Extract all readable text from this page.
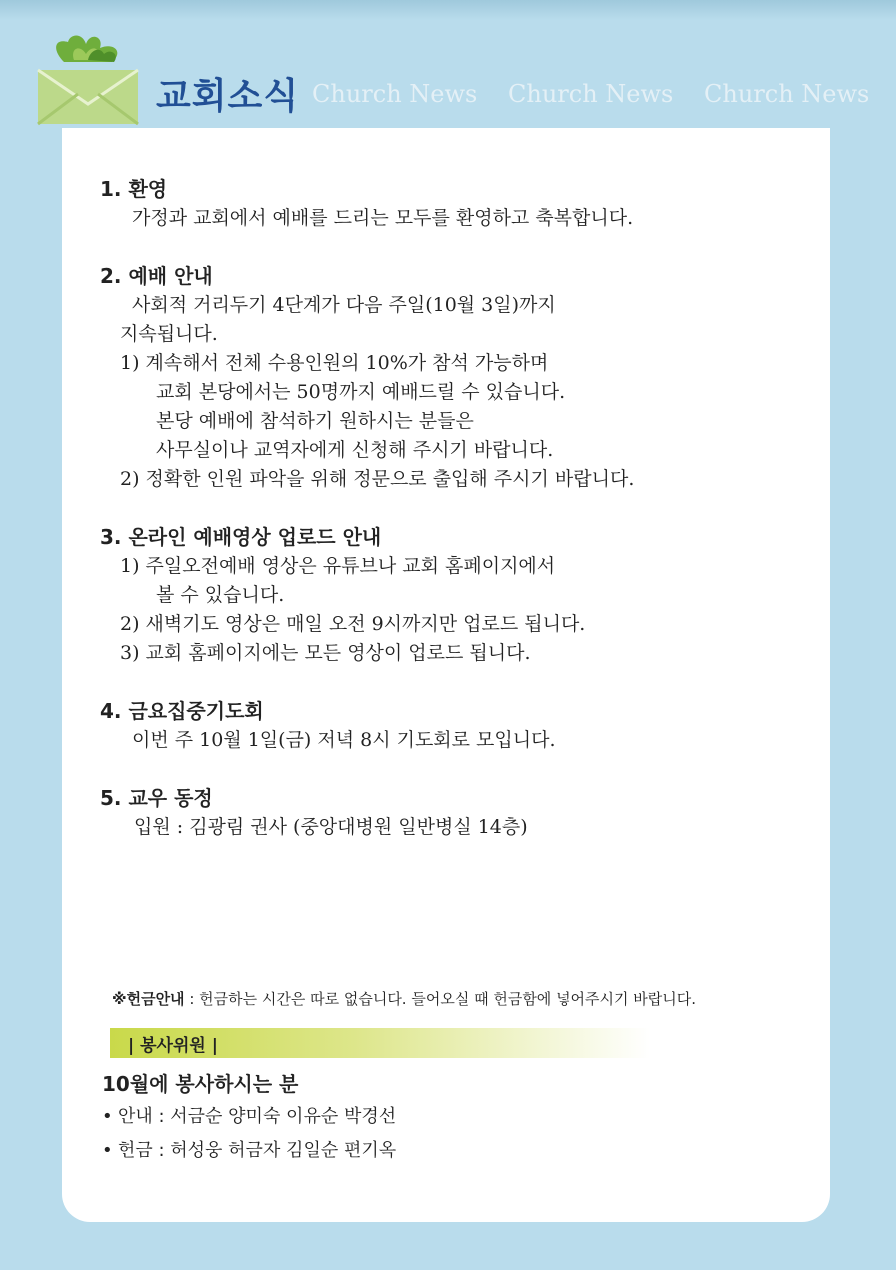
교회소식 Church News Church News Church News
1. 환영
가정과 교회에서 예배를 드리는 모두를 환영하고 축복합니다.
2. 예배 안내
사회적 거리두기 4단계가 다음 주일(10월 3일)까지
지속됩니다.
1) 계속해서 전체 수용인원의 10%가 참석 가능하며
교회 본당에서는 50명까지 예배드릴 수 있습니다.
본당 예배에 참석하기 원하시는 분들은
사무실이나 교역자에게 신청해 주시기 바랍니다.
2) 정확한 인원 파악을 위해 정문으로 출입해 주시기 바랍니다.
3. 온라인 예배영상 업로드 안내
1) 주일오전예배 영상은 유튜브나 교회 홈페이지에서
볼 수 있습니다.
2) 새벽기도 영상은 매일 오전 9시까지만 업로드 됩니다.
3) 교회 홈페이지에는 모든 영상이 업로드 됩니다.
4. 금요집중기도회
이번 주 10월 1일(금) 저녁 8시 기도회로 모입니다.
5. 교우 동정
입원 : 김광림 권사 (중앙대병원 일반병실 14층)
※헌금안내 : 헌금하는 시간은 따로 없습니다. 들어오실 때 헌금함에 넣어주시기 바랍니다.
| 봉사위원 |
10월에 봉사하시는 분
• 안내 : 서금순 양미숙 이유순 박경선
• 헌금 : 허성웅 허금자 김일순 편기옥
